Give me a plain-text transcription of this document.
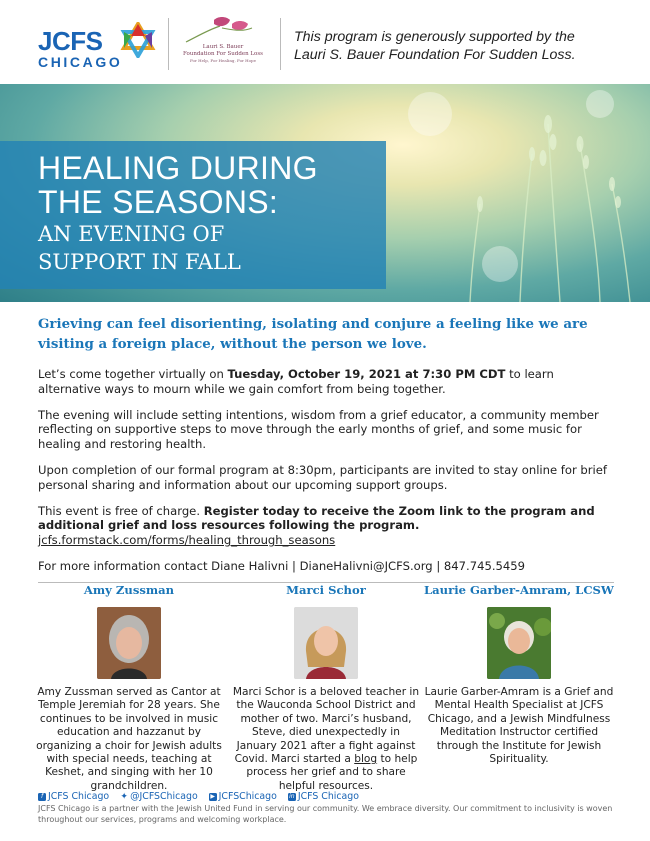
JCFS
CHICAGO
Lauri S. Bauer
Foundation For Sudden Loss
For Help, For Healing, For Hope
This program is generously supported by the
Lauri S. Bauer Foundation For Sudden Loss.
HEALING DURING
THE SEASONS:
AN EVENING OF
SUPPORT IN FALL
Grieving can feel disorienting, isolating and conjure a feeling like we are visiting a foreign place, without the person we love.

Let’s come together virtually on Tuesday, October 19, 2021 at 7:30 PM CDT to learn alternative ways to mourn while we gain comfort from being together.

The evening will include setting intentions, wisdom from a grief educator, a community member reflecting on supportive steps to move through the early months of grief, and some music for healing and restoring health.

Upon completion of our formal program at 8:30pm, participants are invited to stay online for brief personal sharing and information about our upcoming support groups.

This event is free of charge. Register today to receive the Zoom link to the program and additional grief and loss resources following the program. jcfs.formstack.com/forms/healing_through_seasons

For more information contact Diane Halivni | DianeHalivni@JCFS.org | 847.745.5459

Amy Zussman
Amy Zussman served as Cantor at Temple Jeremiah for 28 years. She continues to be involved in music education and hazzanut by organizing a choir for Jewish adults with special needs, teaching at Keshet, and singing with her 10 grandchildren.
Marci Schor
Marci Schor is a beloved teacher in the Wauconda School District and mother of two. Marci’s husband, Steve, died unexpectedly in January 2021 after a fight against Covid. Marci started a blog to help process her grief and to share helpful resources.
Laurie Garber-Amram, LCSW
Laurie Garber-Amram is a Grief and Mental Health Specialist at JCFS Chicago, and a Jewish Mindfulness Meditation Instructor certified through the Institute for Jewish Spirituality.
f JCFS Chicago ✦ @JCFSChicago ▶ JCFSChicago in JCFS Chicago
JCFS Chicago is a partner with the Jewish United Fund in serving our community. We embrace diversity. Our commitment to inclusivity is woven throughout our services, programs and welcoming workplace.
